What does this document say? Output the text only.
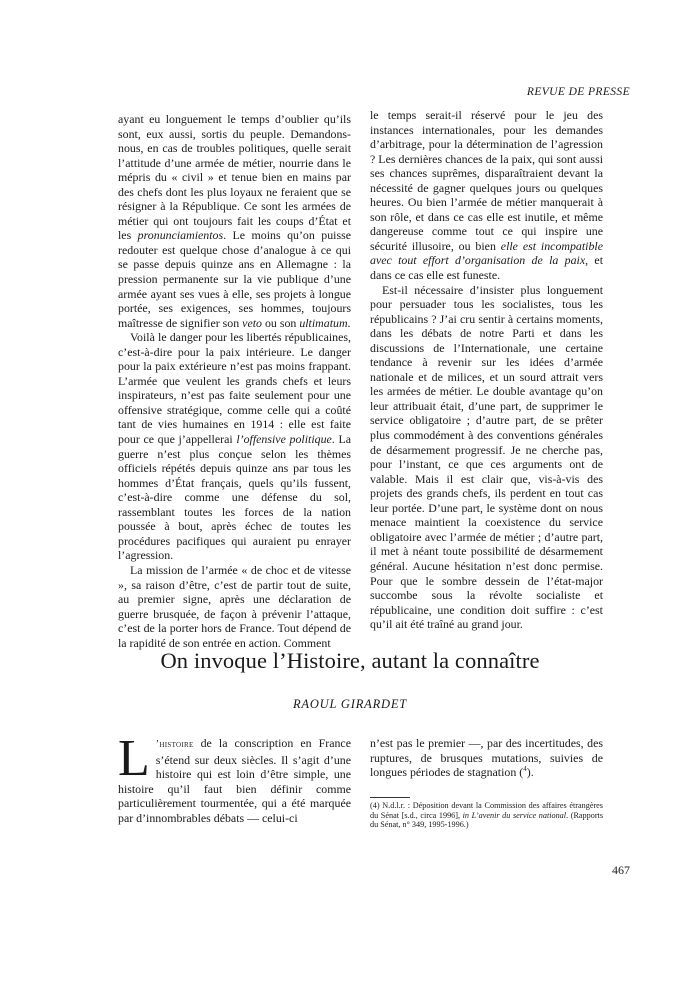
REVUE DE PRESSE

ayant eu longuement le temps d’oublier qu’ils sont, eux aussi, sortis du peuple. Demandons-nous, en cas de troubles politiques, quelle serait l’attitude d’une armée de métier, nourrie dans le mépris du « civil » et tenue bien en mains par des chefs dont les plus loyaux ne feraient que se résigner à la République. Ce sont les armées de métier qui ont toujours fait les coups d’État et les pronunciamientos. Le moins qu’on puisse redouter est quelque chose d’analogue à ce qui se passe depuis quinze ans en Allemagne : la pression permanente sur la vie publique d’une armée ayant ses vues à elle, ses projets à longue portée, ses exigences, ses hommes, toujours maîtresse de signifier son veto ou son ultimatum.

Voilà le danger pour les libertés républicaines, c’est-à-dire pour la paix intérieure. Le danger pour la paix extérieure n’est pas moins frappant. L’armée que veulent les grands chefs et leurs inspirateurs, n’est pas faite seulement pour une offensive stratégique, comme celle qui a coûté tant de vies humaines en 1914 : elle est faite pour ce que j’appellerai l’offensive politique. La guerre n’est plus conçue selon les thèmes officiels répétés depuis quinze ans par tous les hommes d’État français, quels qu’ils fussent, c’est-à-dire comme une défense du sol, rassemblant toutes les forces de la nation poussée à bout, après échec de toutes les procédures pacifiques qui auraient pu enrayer l’agression.

La mission de l’armée « de choc et de vitesse », sa raison d’être, c’est de partir tout de suite, au premier signe, après une déclaration de guerre brusquée, de façon à prévenir l’attaque, c’est de la porter hors de France. Tout dépend de la rapidité de son entrée en action. Comment

le temps serait-il réservé pour le jeu des instances internationales, pour les demandes d’arbitrage, pour la détermination de l’agression ? Les dernières chances de la paix, qui sont aussi ses chances suprêmes, disparaîtraient devant la nécessité de gagner quelques jours ou quelques heures. Ou bien l’armée de métier manquerait à son rôle, et dans ce cas elle est inutile, et même dangereuse comme tout ce qui inspire une sécurité illusoire, ou bien elle est incompatible avec tout effort d’organisation de la paix, et dans ce cas elle est funeste.

Est-il nécessaire d’insister plus longuement pour persuader tous les socialistes, tous les républicains ? J’ai cru sentir à certains moments, dans les débats de notre Parti et dans les discussions de l’Internationale, une certaine tendance à revenir sur les idées d’armée nationale et de milices, et un sourd attrait vers les armées de métier. Le double avantage qu’on leur attribuait était, d’une part, de supprimer le service obligatoire ; d’autre part, de se prêter plus commodément à des conventions générales de désarmement progressif. Je ne cherche pas, pour l’instant, ce que ces arguments ont de valable. Mais il est clair que, vis-à-vis des projets des grands chefs, ils perdent en tout cas leur portée. D’une part, le système dont on nous menace maintient la coexistence du service obligatoire avec l’armée de métier ; d’autre part, il met à néant toute possibilité de désarmement général. Aucune hésitation n’est donc permise. Pour que le sombre dessein de l’état-major succombe sous la révolte socialiste et républicaine, une condition doit suffire : c’est qu’il ait été traîné au grand jour.

On invoque l’Histoire, autant la connaître
RAOUL GIRARDET
L ’histoire de la conscription en France s’étend sur deux siècles. Il s’agit d’une histoire qui est loin d’être simple, une histoire qu’il faut bien définir comme particulièrement tourmentée, qui a été marquée par d’innombrables débats — celui-ci
n’est pas le premier —, par des incertitudes, des ruptures, de brusques mutations, suivies de longues périodes de stagnation ($^4$).
(4) N.d.l.r. : Déposition devant la Commission des affaires étrangères du Sénat [s.d., circa 1996], in L’avenir du service national. (Rapports du Sénat, n° 349, 1995-1996.)
467
